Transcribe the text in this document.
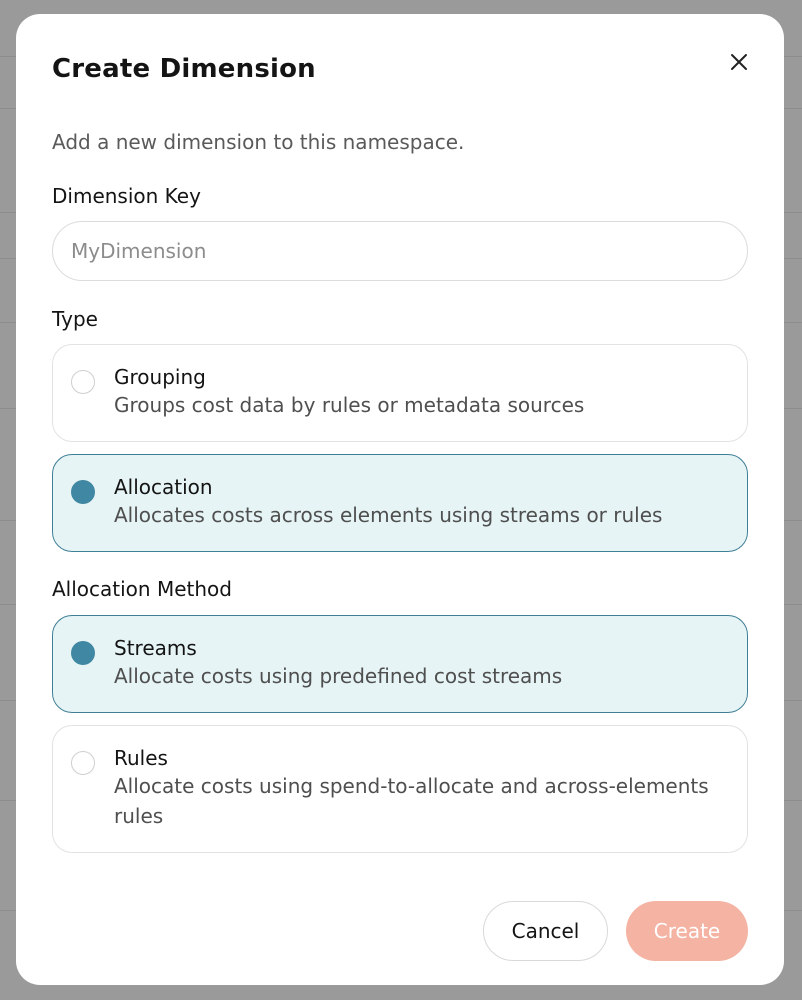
Create Dimension
Add a new dimension to this namespace.
Dimension Key
MyDimension
Type
Grouping
Groups cost data by rules or metadata sources
Allocation
Allocates costs across elements using streams or rules
Allocation Method
Streams
Allocate costs using predefined cost streams
Rules
Allocate costs using spend-to-allocate and across-elements rules
Cancel	Create
